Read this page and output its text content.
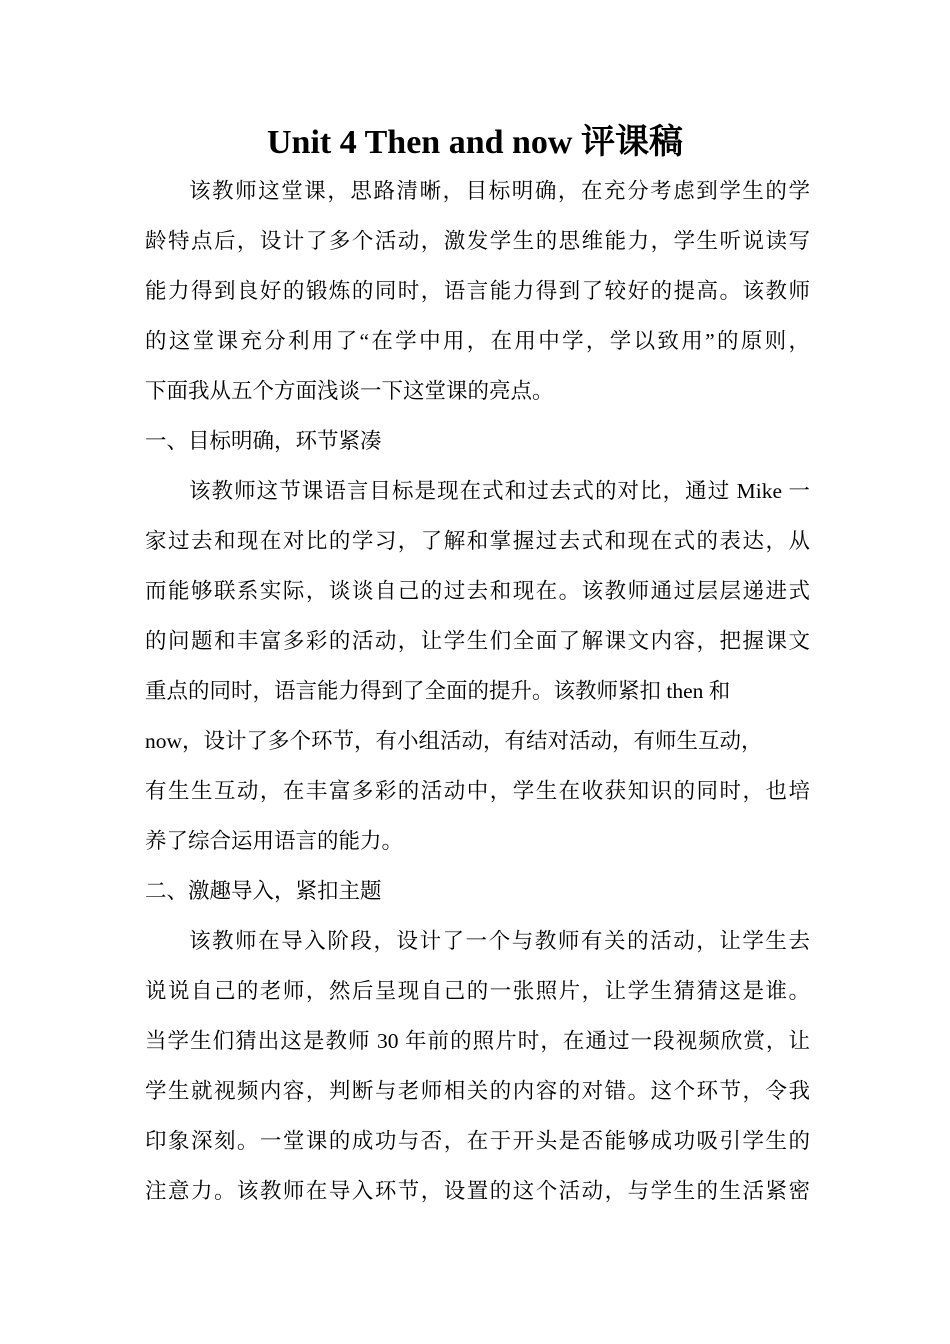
Unit 4 Then and now 评课稿
该教师这堂课，思路清晰，目标明确，在充分考虑到学生的学
龄特点后，设计了多个活动，激发学生的思维能力，学生听说读写
能力得到良好的锻炼的同时，语言能力得到了较好的提高。该教师
的这堂课充分利用了“在学中用，在用中学，学以致用”的原则，
下面我从五个方面浅谈一下这堂课的亮点。
一、目标明确，环节紧凑
该教师这节课语言目标是现在式和过去式的对比，通过 Mike 一
家过去和现在对比的学习，了解和掌握过去式和现在式的表达，从
而能够联系实际，谈谈自己的过去和现在。该教师通过层层递进式
的问题和丰富多彩的活动，让学生们全面了解课文内容，把握课文
重点的同时，语言能力得到了全面的提升。该教师紧扣 then 和
now，设计了多个环节，有小组活动，有结对活动，有师生互动，
有生生互动，在丰富多彩的活动中，学生在收获知识的同时，也培
养了综合运用语言的能力。
二、激趣导入，紧扣主题
该教师在导入阶段，设计了一个与教师有关的活动，让学生去
说说自己的老师，然后呈现自己的一张照片，让学生猜猜这是谁。
当学生们猜出这是教师 30 年前的照片时，在通过一段视频欣赏，让
学生就视频内容，判断与老师相关的内容的对错。这个环节，令我
印象深刻。一堂课的成功与否，在于开头是否能够成功吸引学生的
注意力。该教师在导入环节，设置的这个活动，与学生的生活紧密
